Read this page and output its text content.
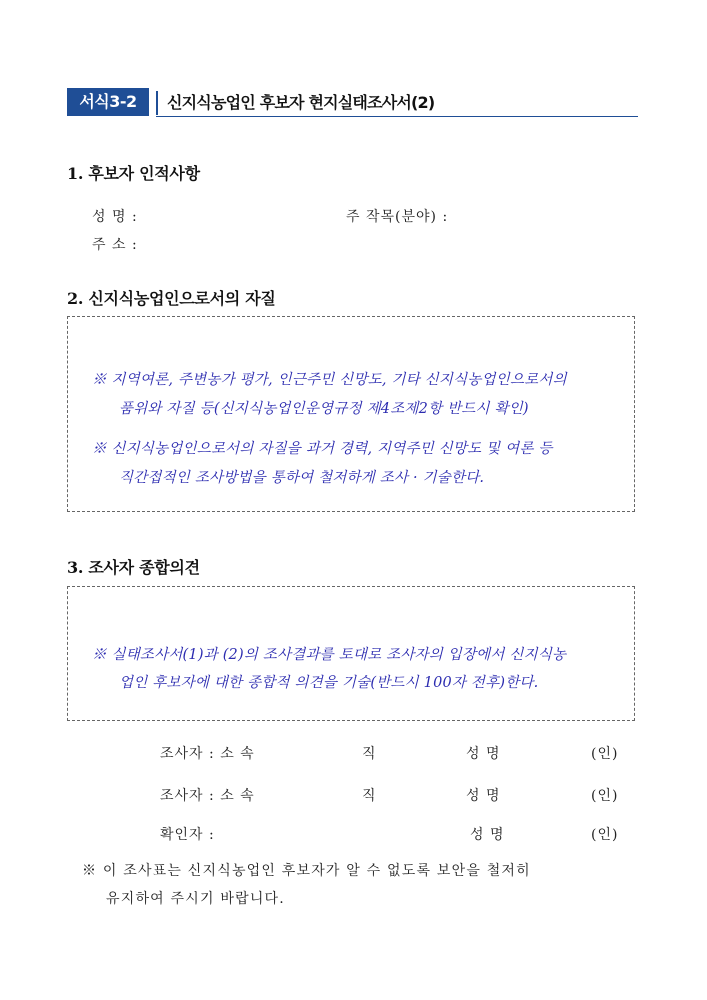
서식3-2	신지식농업인 후보자 현지실태조사서(2)
1. 후보자 인적사항
성 명 :	주 작목(분야) :
주 소 :
2. 신지식농업인으로서의 자질
※ 지역여론, 주변농가 평가, 인근주민 신망도, 기타 신지식농업인으로서의
품위와 자질 등(신지식농업인운영규정 제4조제2항 반드시 확인)
※ 신지식농업인으로서의 자질을 과거 경력, 지역주민 신망도 및 여론 등
직간접적인 조사방법을 통하여 철저하게 조사 · 기술한다.
3. 조사자 종합의견
※ 실태조사서(1)과 (2)의 조사결과를 토대로 조사자의 입장에서 신지식농
업인 후보자에 대한 종합적 의견을 기술(반드시 100자 전후)한다.
조사자 : 소 속	직	성 명	(인)
조사자 : 소 속	직	성 명	(인)
확인자 :	성 명	(인)
※ 이 조사표는 신지식농업인 후보자가 알 수 없도록 보안을 철저히
유지하여 주시기 바랍니다.
